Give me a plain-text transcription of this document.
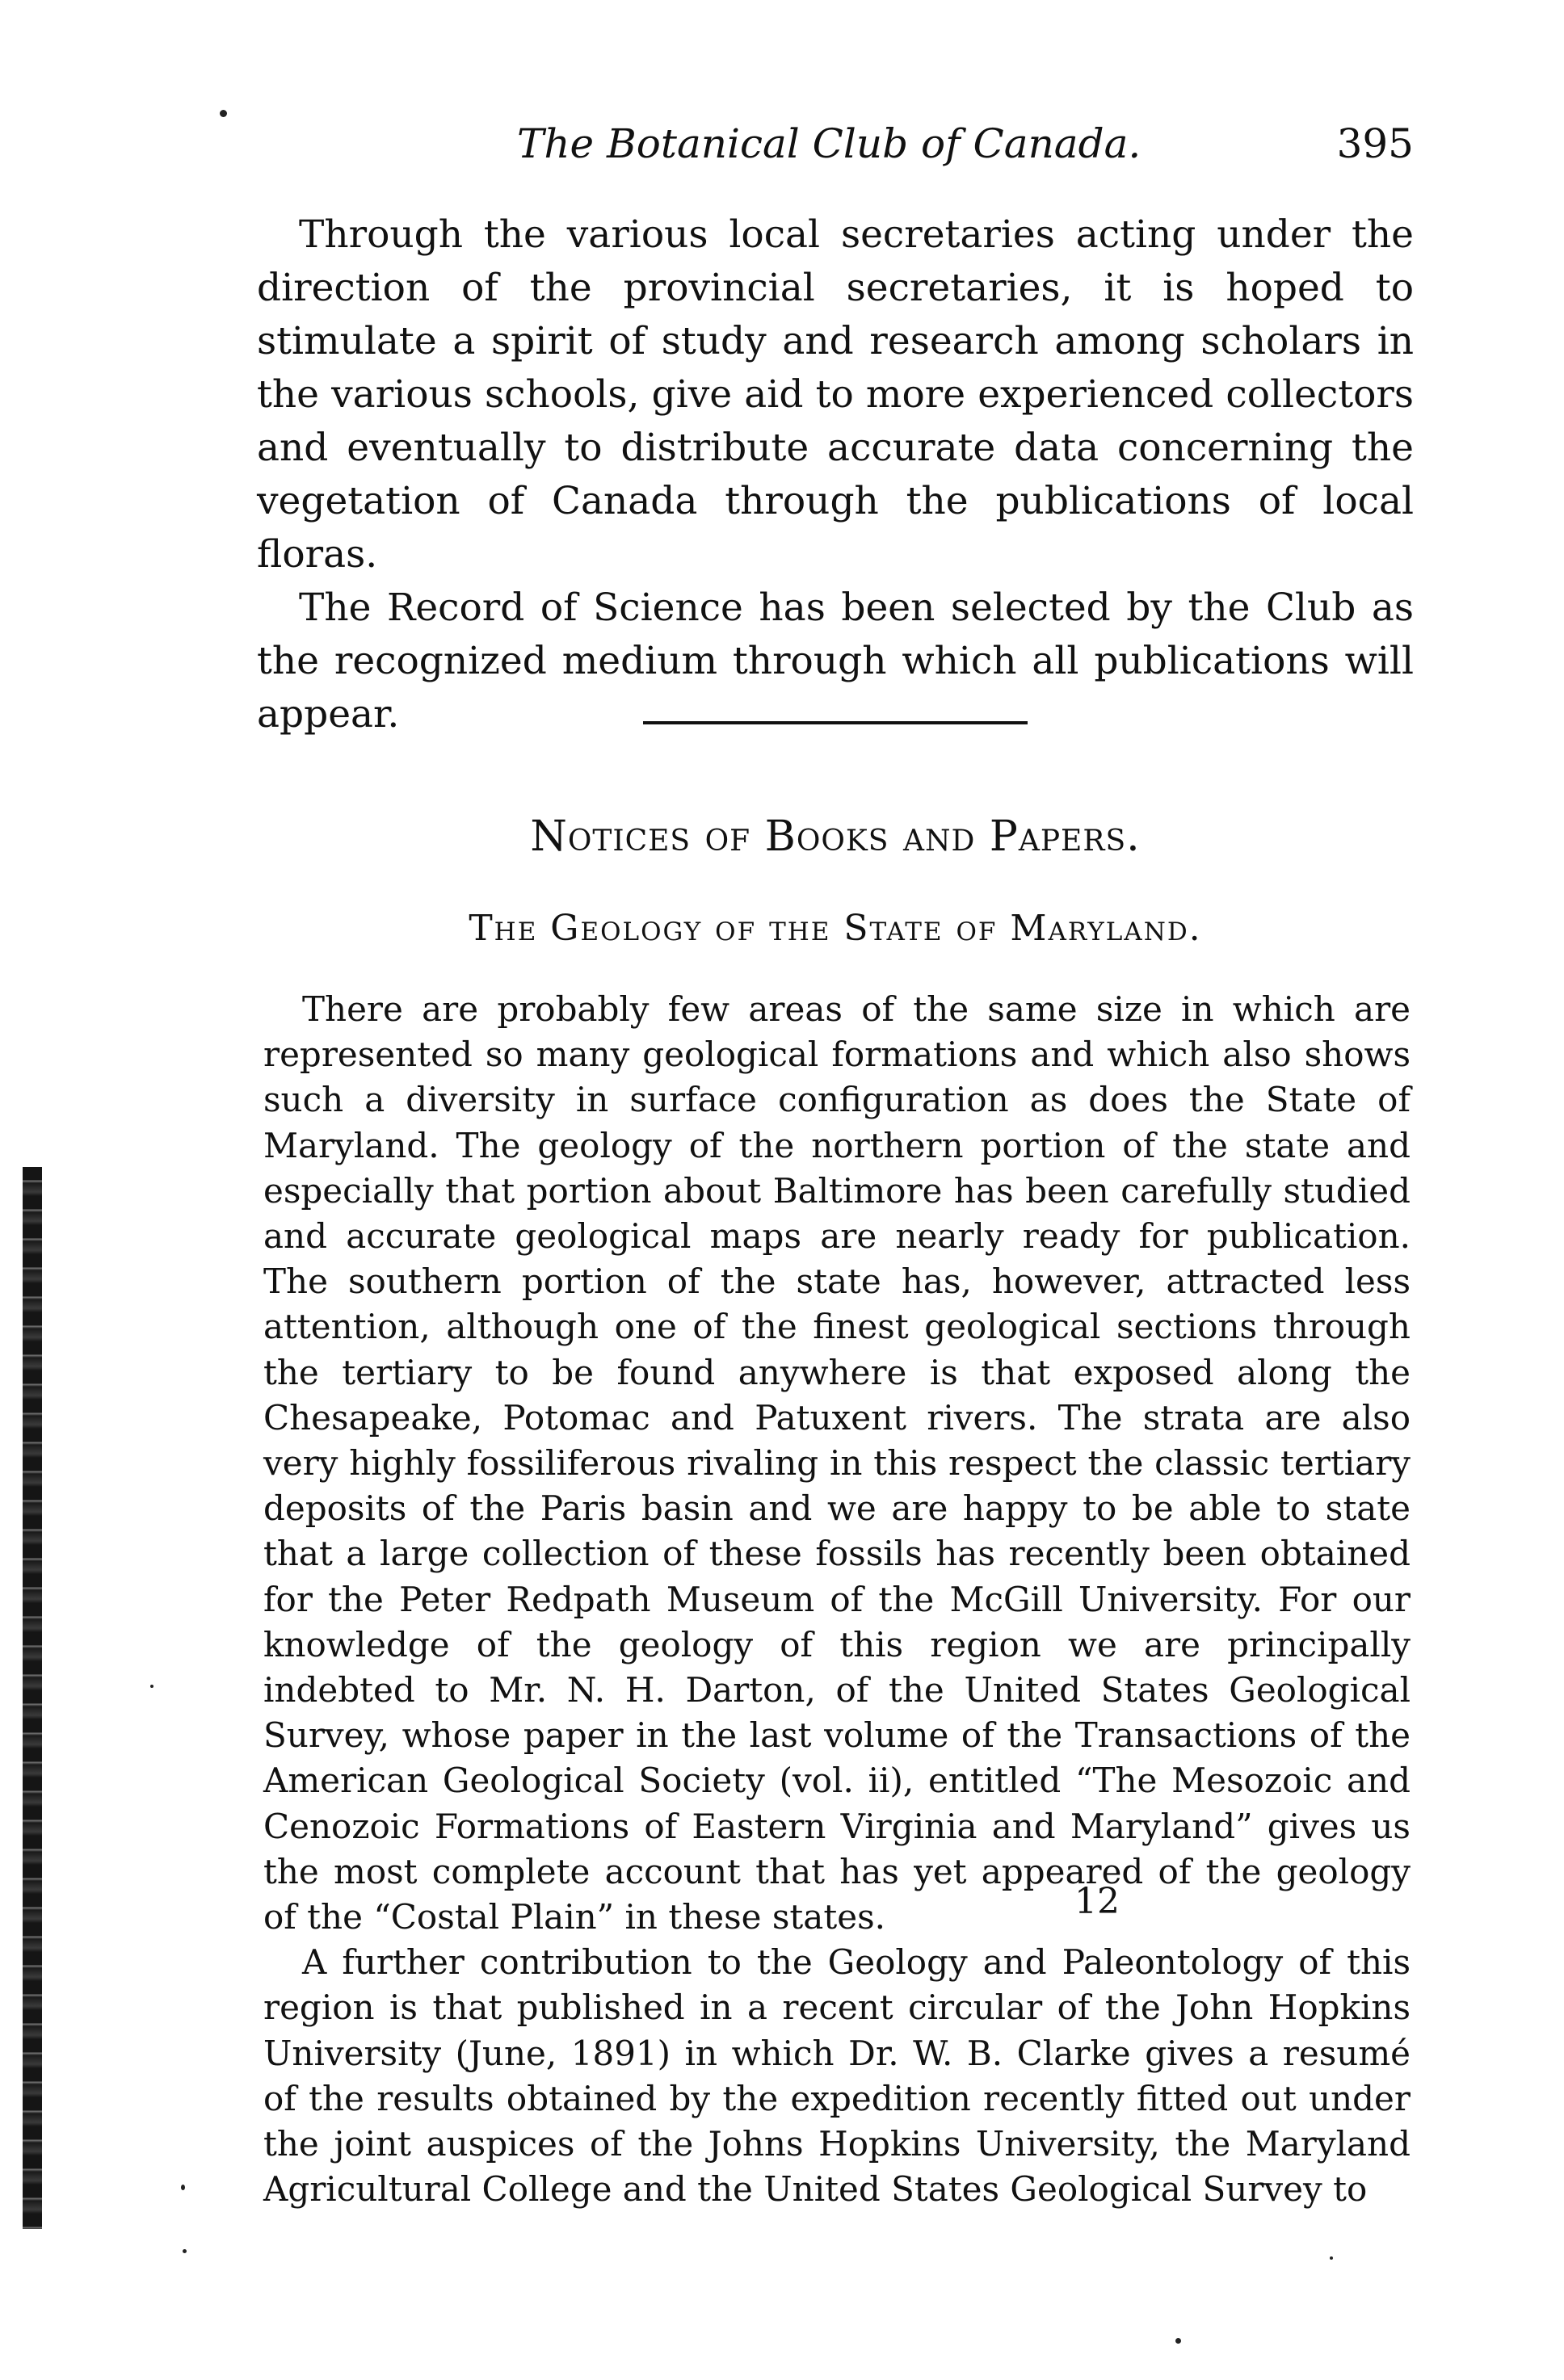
The Botanical Club of Canada.	395

Through the various local secretaries acting under the direction of the provincial secretaries, it is hoped to stimulate a spirit of study and research among scholars in the various schools, give aid to more experienced collectors and eventually to distribute accurate data concerning the vegetation of Canada through the publications of local floras.

The Record of Science has been selected by the Club as the recognized medium through which all publications will appear.

Notices of Books and Papers.
The Geology of the State of Maryland.

There are probably few areas of the same size in which are represented so many geological formations and which also shows such a diversity in surface configuration as does the State of Maryland. The geology of the northern portion of the state and especially that portion about Baltimore has been carefully studied and accurate geological maps are nearly ready for publication. The southern portion of the state has, however, attracted less attention, although one of the finest geological sections through the tertiary to be found anywhere is that exposed along the Chesapeake, Potomac and Patuxent rivers. The strata are also very highly fossiliferous rivaling in this respect the classic tertiary deposits of the Paris basin and we are happy to be able to state that a large collection of these fossils has recently been obtained for the Peter Redpath Museum of the McGill University. For our knowledge of the geology of this region we are principally indebted to Mr. N. H. Darton, of the United States Geological Survey, whose paper in the last volume of the Transactions of the American Geological Society (vol. ii), entitled “The Mesozoic and Cenozoic Formations of Eastern Virginia and Maryland” gives us the most complete account that has yet appeared of the geology of the “Costal Plain” in these states.

A further contribution to the Geology and Paleontology of this region is that published in a recent circular of the John Hopkins University (June, 1891) in which Dr. W. B. Clarke gives a resumé of the results obtained by the expedition recently fitted out under the joint auspices of the Johns Hopkins University, the Maryland Agricultural College and the United States Geological Survey to

12
